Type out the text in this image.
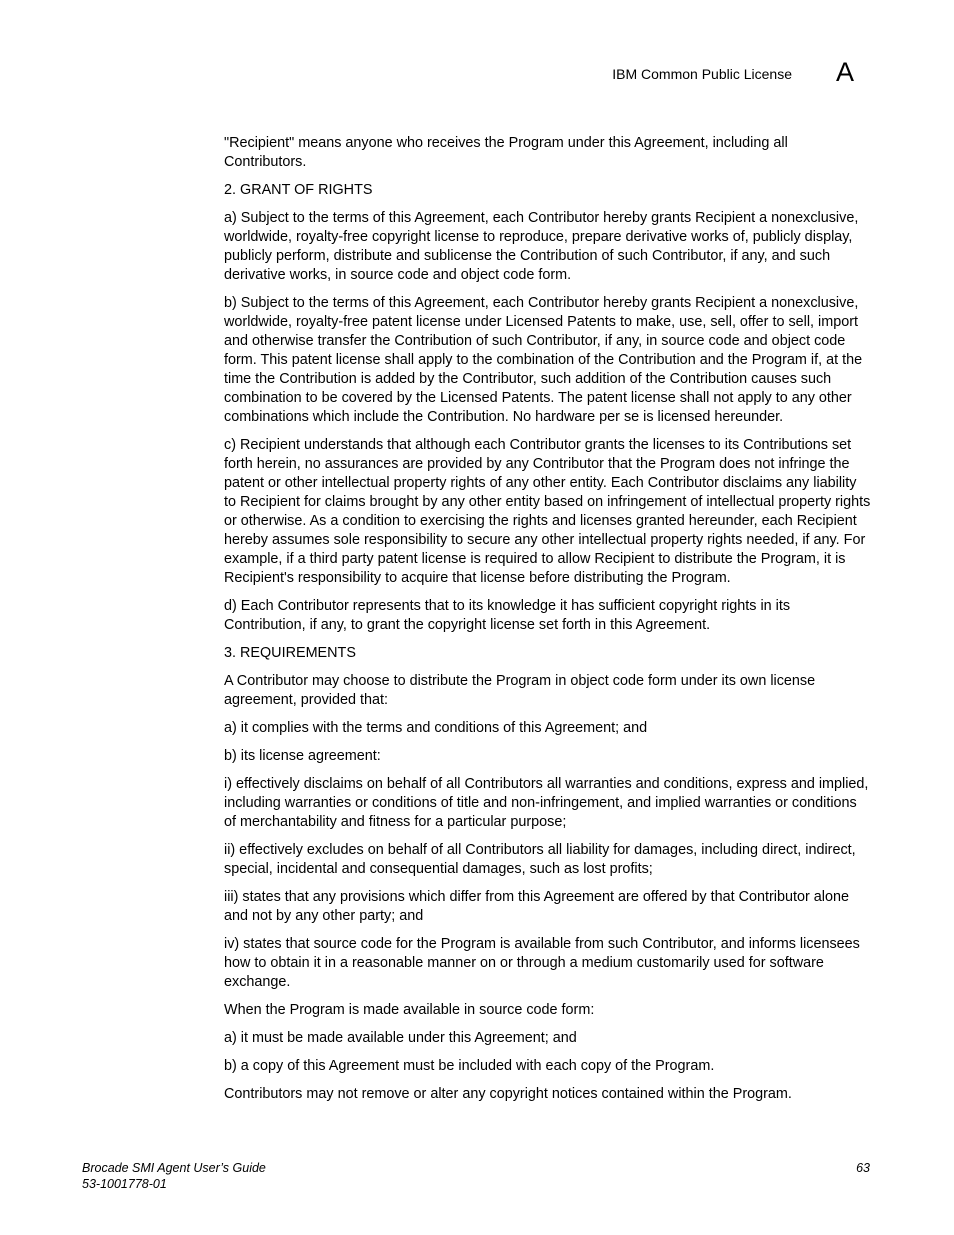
IBM Common Public License A

"Recipient" means anyone who receives the Program under this Agreement, including all Contributors.

2. GRANT OF RIGHTS

a) Subject to the terms of this Agreement, each Contributor hereby grants Recipient a nonexclusive, worldwide, royalty-free copyright license to reproduce, prepare derivative works of, publicly display, publicly perform, distribute and sublicense the Contribution of such Contributor, if any, and such derivative works, in source code and object code form.

b) Subject to the terms of this Agreement, each Contributor hereby grants Recipient a nonexclusive, worldwide, royalty-free patent license under Licensed Patents to make, use, sell, offer to sell, import and otherwise transfer the Contribution of such Contributor, if any, in source code and object code form. This patent license shall apply to the combination of the Contribution and the Program if, at the time the Contribution is added by the Contributor, such addition of the Contribution causes such combination to be covered by the Licensed Patents. The patent license shall not apply to any other combinations which include the Contribution. No hardware per se is licensed hereunder.

c) Recipient understands that although each Contributor grants the licenses to its Contributions set forth herein, no assurances are provided by any Contributor that the Program does not infringe the patent or other intellectual property rights of any other entity. Each Contributor disclaims any liability to Recipient for claims brought by any other entity based on infringement of intellectual property rights or otherwise. As a condition to exercising the rights and licenses granted hereunder, each Recipient hereby assumes sole responsibility to secure any other intellectual property rights needed, if any. For example, if a third party patent license is required to allow Recipient to distribute the Program, it is Recipient's responsibility to acquire that license before distributing the Program.

d) Each Contributor represents that to its knowledge it has sufficient copyright rights in its Contribution, if any, to grant the copyright license set forth in this Agreement.

3. REQUIREMENTS

A Contributor may choose to distribute the Program in object code form under its own license agreement, provided that:

a) it complies with the terms and conditions of this Agreement; and

b) its license agreement:

i) effectively disclaims on behalf of all Contributors all warranties and conditions, express and implied, including warranties or conditions of title and non-infringement, and implied warranties or conditions of merchantability and fitness for a particular purpose;

ii) effectively excludes on behalf of all Contributors all liability for damages, including direct, indirect, special, incidental and consequential damages, such as lost profits;

iii) states that any provisions which differ from this Agreement are offered by that Contributor alone and not by any other party; and

iv) states that source code for the Program is available from such Contributor, and informs licensees how to obtain it in a reasonable manner on or through a medium customarily used for software exchange.

When the Program is made available in source code form:

a) it must be made available under this Agreement; and

b) a copy of this Agreement must be included with each copy of the Program.

Contributors may not remove or alter any copyright notices contained within the Program.

Brocade SMI Agent User’s Guide
53-1001778-01
63
